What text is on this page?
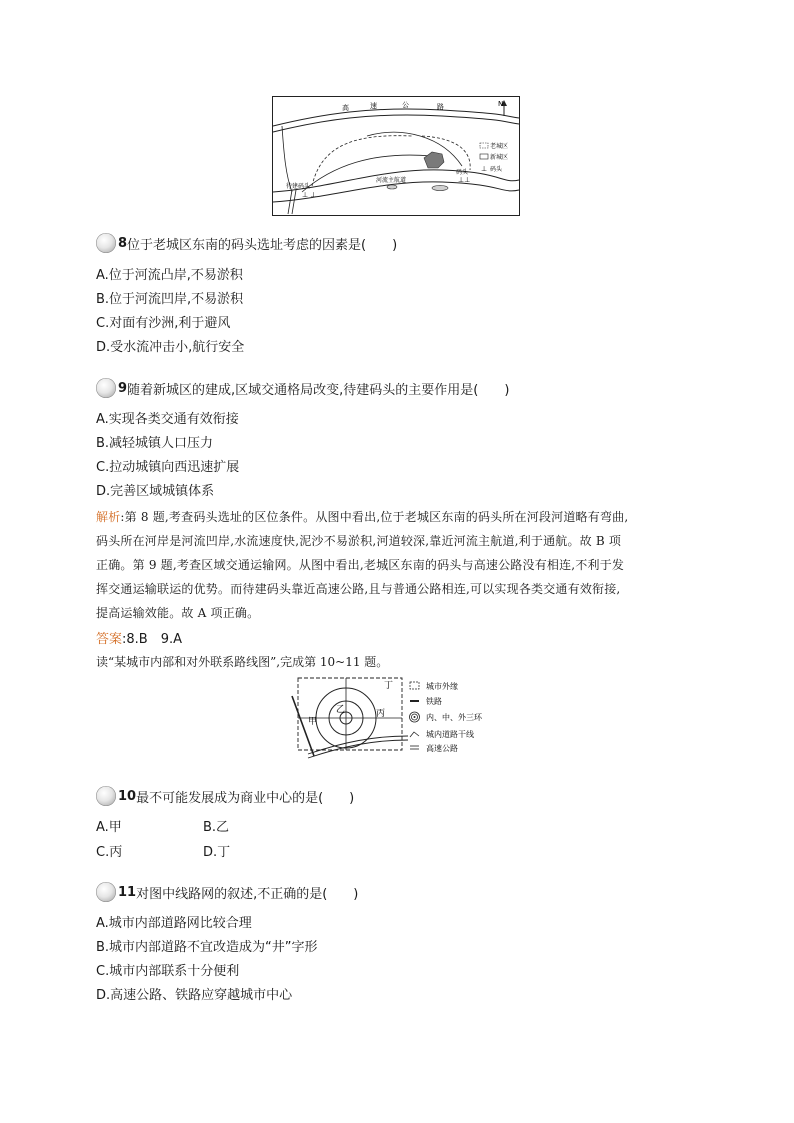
高	速	公	路	N
待建码头
⊥ ⊥
码头
⊥⊥
河流主航道
⊥
老城区
新城区
码头
8 位于老城区东南的码头选址考虑的因素是(　　)
A.位于河流凸岸,不易淤积
B.位于河流凹岸,不易淤积
C.对面有沙洲,利于避风
D.受水流冲击小,航行安全
9 随着新城区的建成,区域交通格局改变,待建码头的主要作用是(　　)
A.实现各类交通有效衔接
B.减轻城镇人口压力
C.拉动城镇向西迅速扩展
D.完善区域城镇体系
解析:第 8 题,考查码头选址的区位条件。从图中看出,位于老城区东南的码头所在河段河道略有弯曲,
码头所在河岸是河流凹岸,水流速度快,泥沙不易淤积,河道较深,靠近河流主航道,利于通航。故 B 项
正确。第 9 题,考查区域交通运输网。从图中看出,老城区东南的码头与高速公路没有相连,不利于发
挥交通运输联运的优势。而待建码头靠近高速公路,且与普通公路相连,可以实现各类交通有效衔接,
提高运输效能。故 A 项正确。
答案:8.B　9.A
读“某城市内部和对外联系路线图”,完成第 10~11 题。
甲
乙	丙
丁	城市外缘
铁路
内、中、外三环
城内道路干线
高速公路
10 最不可能发展成为商业中心的是(　　)
A.甲	B.乙
C.丙	D.丁
11 对图中线路网的叙述,不正确的是(　　)
A.城市内部道路网比较合理
B.城市内部道路不宜改造成为“井”字形
C.城市内部联系十分便利
D.高速公路、铁路应穿越城市中心
